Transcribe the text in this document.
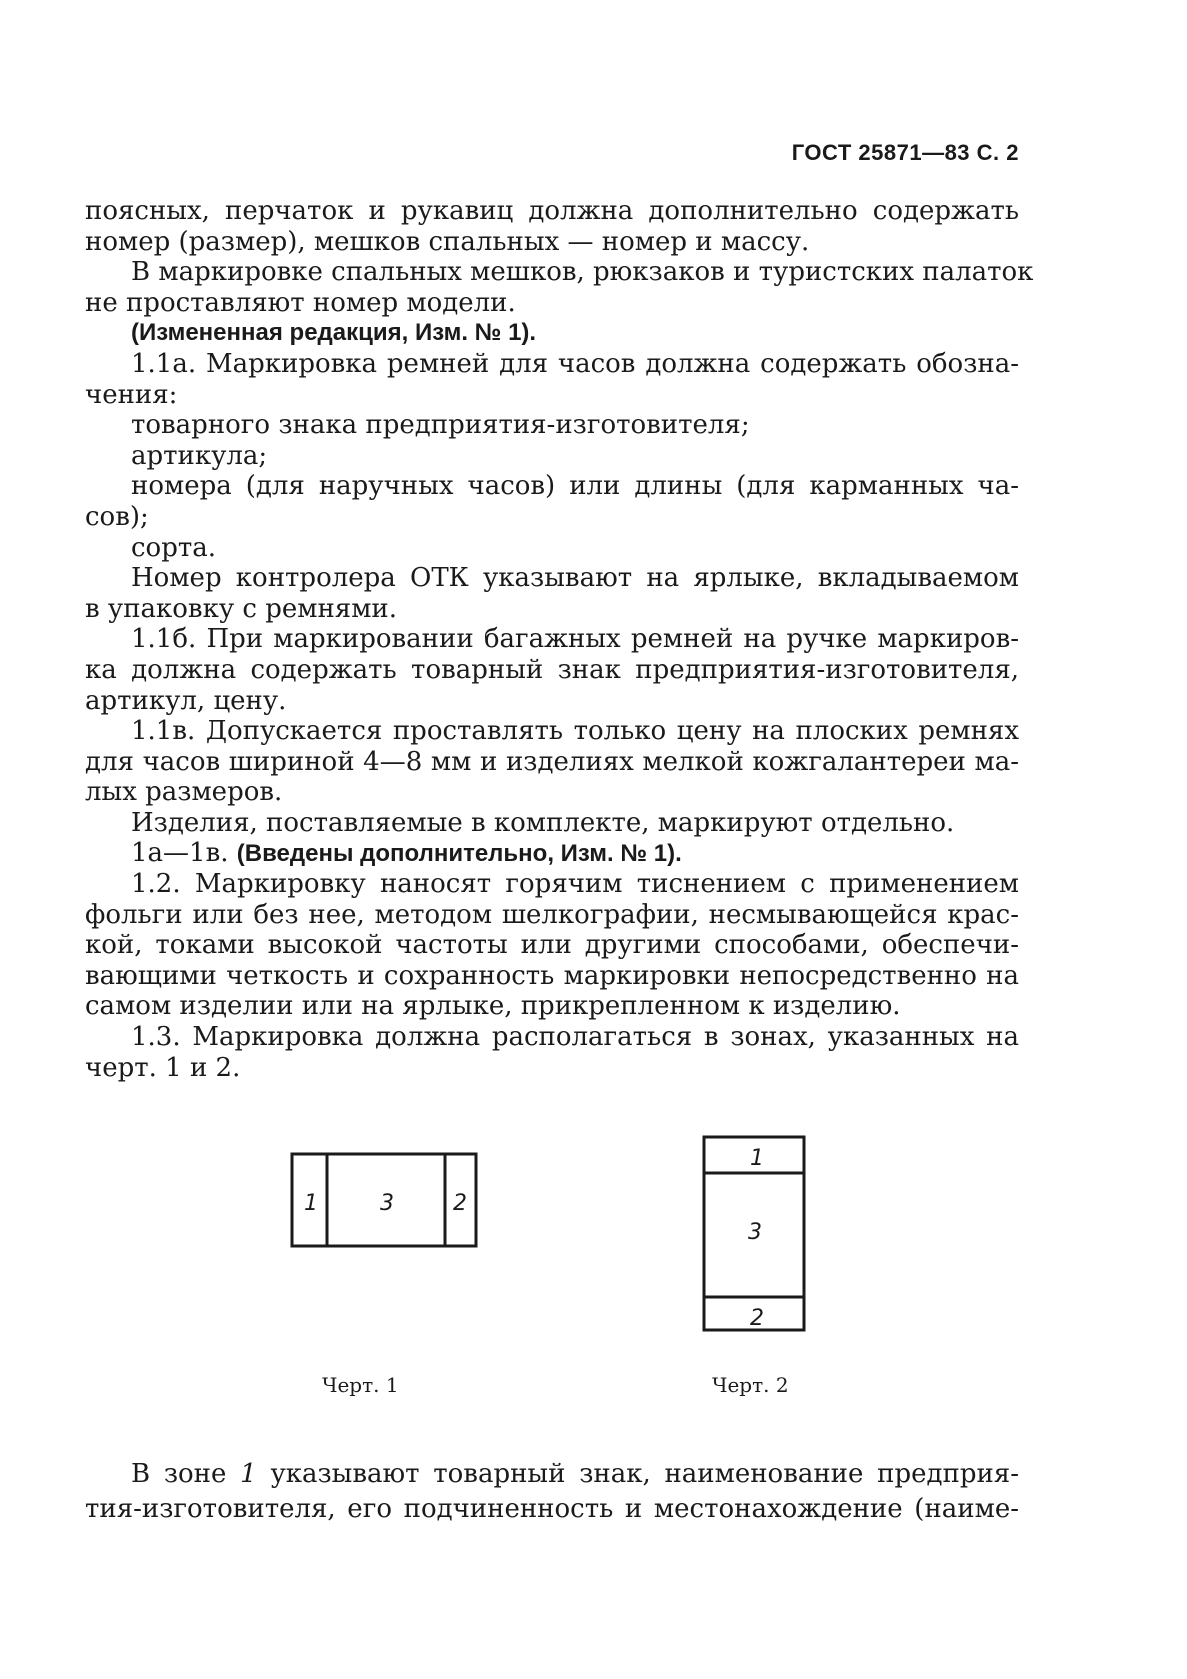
ГОСТ 25871—83 С. 2
поясных, перчаток и рукавиц должна дополнительно содержать
номер (размер), мешков спальных — номер и массу.
В маркировке спальных мешков, рюкзаков и туристских палаток
не проставляют номер модели.
(Измененная редакция, Изм. № 1).
1.1а. Маркировка ремней для часов должна содержать обозна-
чения:
товарного знака предприятия-изготовителя;
артикула;
номера (для наручных часов) или длины (для карманных ча-
сов);
сорта.
Номер контролера ОТК указывают на ярлыке, вкладываемом
в упаковку с ремнями.
1.1б. При маркировании багажных ремней на ручке маркиров-
ка должна содержать товарный знак предприятия-изготовителя,
артикул, цену.
1.1в. Допускается проставлять только цену на плоских ремнях
для часов шириной 4—8 мм и изделиях мелкой кожгалантереи ма-
лых размеров.
Изделия, поставляемые в комплекте, маркируют отдельно.
1а—1в. (Введены дополнительно, Изм. № 1).
1.2. Маркировку наносят горячим тиснением с применением
фольги или без нее, методом шелкографии, несмывающейся крас-
кой, токами высокой частоты или другими способами, обеспечи-
вающими четкость и сохранность маркировки непосредственно на
самом изделии или на ярлыке, прикрепленном к изделию.
1.3. Маркировка должна располагаться в зонах, указанных на
черт. 1 и 2.
1	3	2
1
3
2
Черт. 1	Черт. 2
В зоне 1 указывают товарный знак, наименование предприя-
тия-изготовителя, его подчиненность и местонахождение (наиме-
